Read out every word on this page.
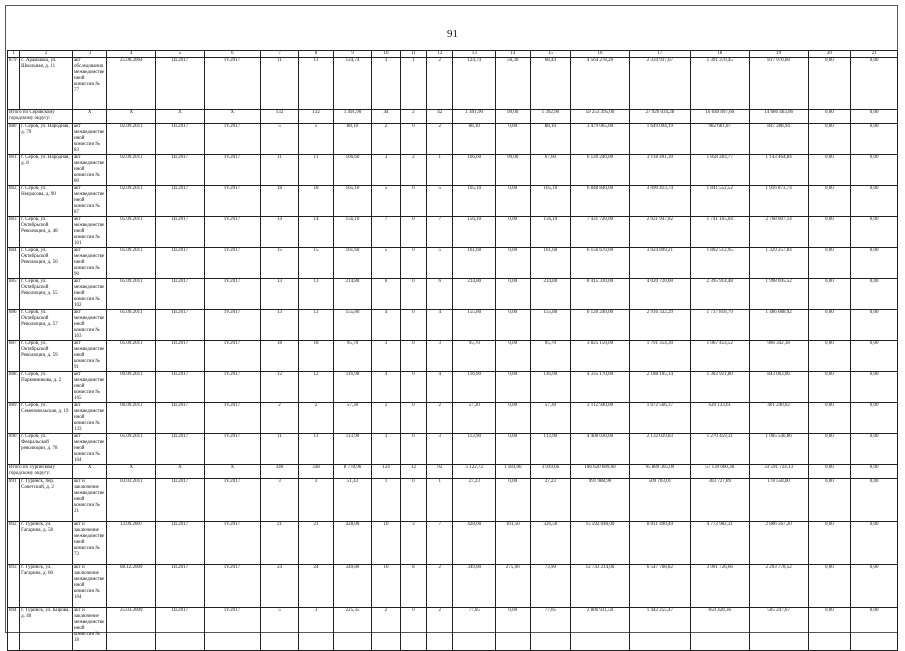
91
1	2	3	4	5	6	7	8	9	10	11	12	13	14	15	16	17	18	19	20	21
879	с. Арамашка, ул. Школьная, д. 11	акт обследования межведомственной комиссии № 77	25.06.2004	III.2017	IV.2017	11	11	124,74	3	1	2	124,74	56,30	68,44	4 564 278,20	2 334 937,67	1 391 370,45	817 970,08	0,00	0,00
Итого по Серовскому городскому округу:		X	X	X	X	132	132	1 491,90	44	2	42	1 491,90	99,00	1 392,90	59 253 395,00	27 926 034,28	16 640 897,66	14 686 463,06	0,00	0,00
880	г. Серов, ул. Народная, д. 79	акт межведомственной комиссии № 83	02.09.2011	III.2017	IV.2017	5	5	88,10	2	0	2	88,10	0,00	88,10	3 479 065,00	1 649 094,19	982 681,87	847 288,94	0,00	0,00
881	г. Серов, ул. Народная, д. 8	акт межведомственной комиссии № 80	02.09.2011	III.2017	IV.2017	11	11	166,60	3	2	1	166,60	99,00	67,60	6 120 240,00	3 118 491,39	1 858 283,77	1 143 464,84	0,00	0,00
882	г. Серов, ул. Некрасова, д. 90	акт межведомственной комиссии № 87	02.09.2011	III.2017	IV.2017	18	18	165,10	5	0	5	165,10	0,00	165,10	6 848 840,00	3 090 413,74	1 841 552,52	1 916 873,74	0,00	0,00
883	г. Серов, ул. Октябрьской Революции, д. 48	акт межведомственной комиссии № 101	05.09.2011	III.2017	IV.2017	14	14	156,10	7	0	7	156,10	0,00	156,10	7 431 720,00	2 921 947,82	1 741 165,04	2 768 607,14	0,00	0,00
884	г. Серов, ул. Октябрьской Революции, д. 50	акт межведомственной комиссии № 90	05.09.2011	III.2017	IV.2017	15	15	161,60	5	0	5	161,60	0,00	161,60	6 156 670,00	3 024 899,21	1 802 512,95	1 329 257,84	0,00	0,00
885	г. Серов, ул. Октябрьской Революции, д. 55	акт межведомственной комиссии № 102	05.09.2011	III.2017	IV.2017	13	13	214,80	6	0	6	214,80	0,00	214,80	8 415 330,00	4 020 720,00	2 395 914,48	1 998 695,52	0,00	0,00
886	г. Серов, ул. Октябрьской Революции, д. 57	акт межведомственной комиссии № 103	05.09.2011	III.2017	IV.2017	13	13	155,80	4	0	4	155,80	0,00	155,80	6 120 240,00	2 916 332,29	1 737 818,79	1 466 088,92	0,00	0,00
887	г. Серов, ул. Октябрьской Революции, д. 59	акт межведомственной комиссии № 91	05.09.2011	III.2017	IV.2017	18	18	95,70	3	0	3	95,70	0,00	95,70	3 825 150,00	1 791 354,30	1 067 453,52	966 342,18	0,00	0,00
888	г. Серов, ул. Парковникова, д. 2	акт межведомственной комиссии № 165	09.09.2011	III.2017	IV.2017	12	12	116,90	4	0	4	116,90	0,00	116,90	4 335 170,00	2 188 105,14	1 303 921,80	843 063,06	0,00	0,00
889	г. Серов, ул. Семеновольская, д. 19	акт межведомственной комиссии № 133	06.09.2011	III.2017	IV.2017	2	2	57,30	2	0	2	57,30	0,00	57,30	2 112 940,00	1 072 566,37	639 133,61	401 240,02	0,00	0,00
890	г. Серов, ул. Февральской революции, д. 78	акт межведомственной комиссии № 104	05.09.2011	III.2017	IV.2017	11	11	113,90	3	0	3	113,90	0,00	113,90	4 408 030,00	2 132 029,83	1 270 459,31	1 005 540,86	0,00	0,00
Итого по Туринскому городскому округу:		X	X	X	X	340	338	8 778,96	124	32	92	5 122,72	1 183,06	3 939,66	186 620 689,60	95 889 305,09	57 139 660,38	33 591 724,13	0,00	0,00
891	г. Туринск, пер. Советский, д. 2	акт и заключение межведомственной комиссии № 21	03.03.2011	III.2017	IV.2017	3	3	51,43	1	0	1	27,23	0,00	27,23	991 988,90	509 703,01	303 727,89	178 558,00	0,00	0,00
892	г. Туринск, ул. Гагарина, д. 58	акт и заключение межведомственной комиссии № 73	13.09.2007	III.2017	IV.2017	21	21	428,00	10	3	7	428,00	101,50	326,50	15 592 040,00	8 011 490,49	4 773 982,31	2 806 567,20	0,00	0,00
893	г. Туринск, ул. Гагарина, д. 60	акт и заключение межведомственной комиссии № 104	08.12.2009	III.2017	IV.2017	24	24	349,80	10	8	2	349,80	275,90	73,90	12 743 214,00	6 547 708,82	3 901 726,66	2 293 778,52	0,00	0,00
894	г. Туринск, ул. Кирова, д. 40	акт и заключение межведомственной комиссии № 18	25.03.2009	III.2017	IV.2017	5	3	225,35	2	0	2	77,05	0,00	77,05	2 806 931,50	1 442 255,47	859 428,36	505 247,67	0,00	0,00
